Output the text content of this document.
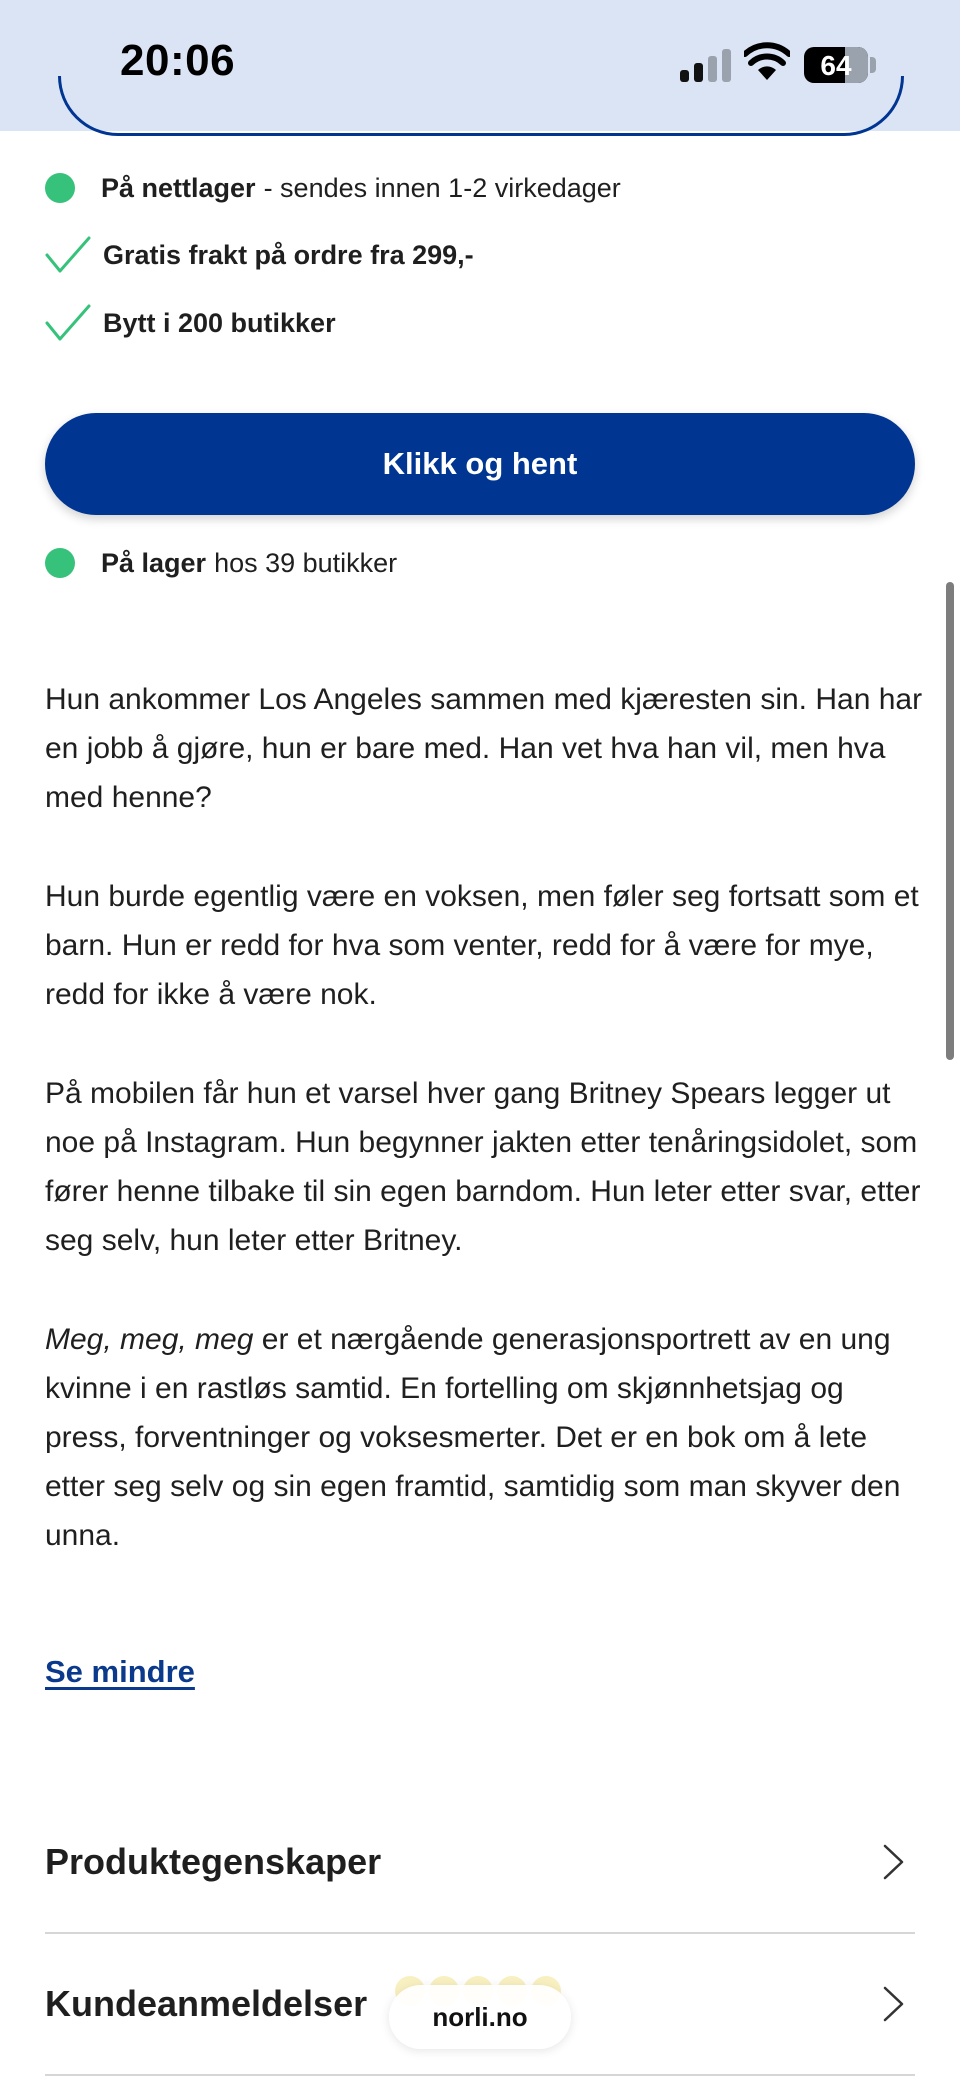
20:06	64
På nettlager - sendes innen 1-2 virkedager
Gratis frakt på ordre fra 299,-
Bytt i 200 butikker
Klikk og hent
På lager hos 39 butikker

Hun ankommer Los Angeles sammen med kjæresten sin. Han har en jobb å gjøre, hun er bare med. Han vet hva han vil, men hva med henne?

Hun burde egentlig være en voksen, men føler seg fortsatt som et barn. Hun er redd for hva som venter, redd for å være for mye, redd for ikke å være nok.

På mobilen får hun et varsel hver gang Britney Spears legger ut noe på Instagram. Hun begynner jakten etter tenåringsidolet, som fører henne tilbake til sin egen barndom. Hun leter etter svar, etter seg selv, hun leter etter Britney.

Meg, meg, meg er et nærgående generasjonsportrett av en ung kvinne i en rastløs samtid. En fortelling om skjønnhetsjag og press, forventninger og voksesmerter. Det er en bok om å lete etter seg selv og sin egen framtid, samtidig som man skyver den unna.

Se mindre
Produktegenskaper
Kundeanmeldelser	norli.no
